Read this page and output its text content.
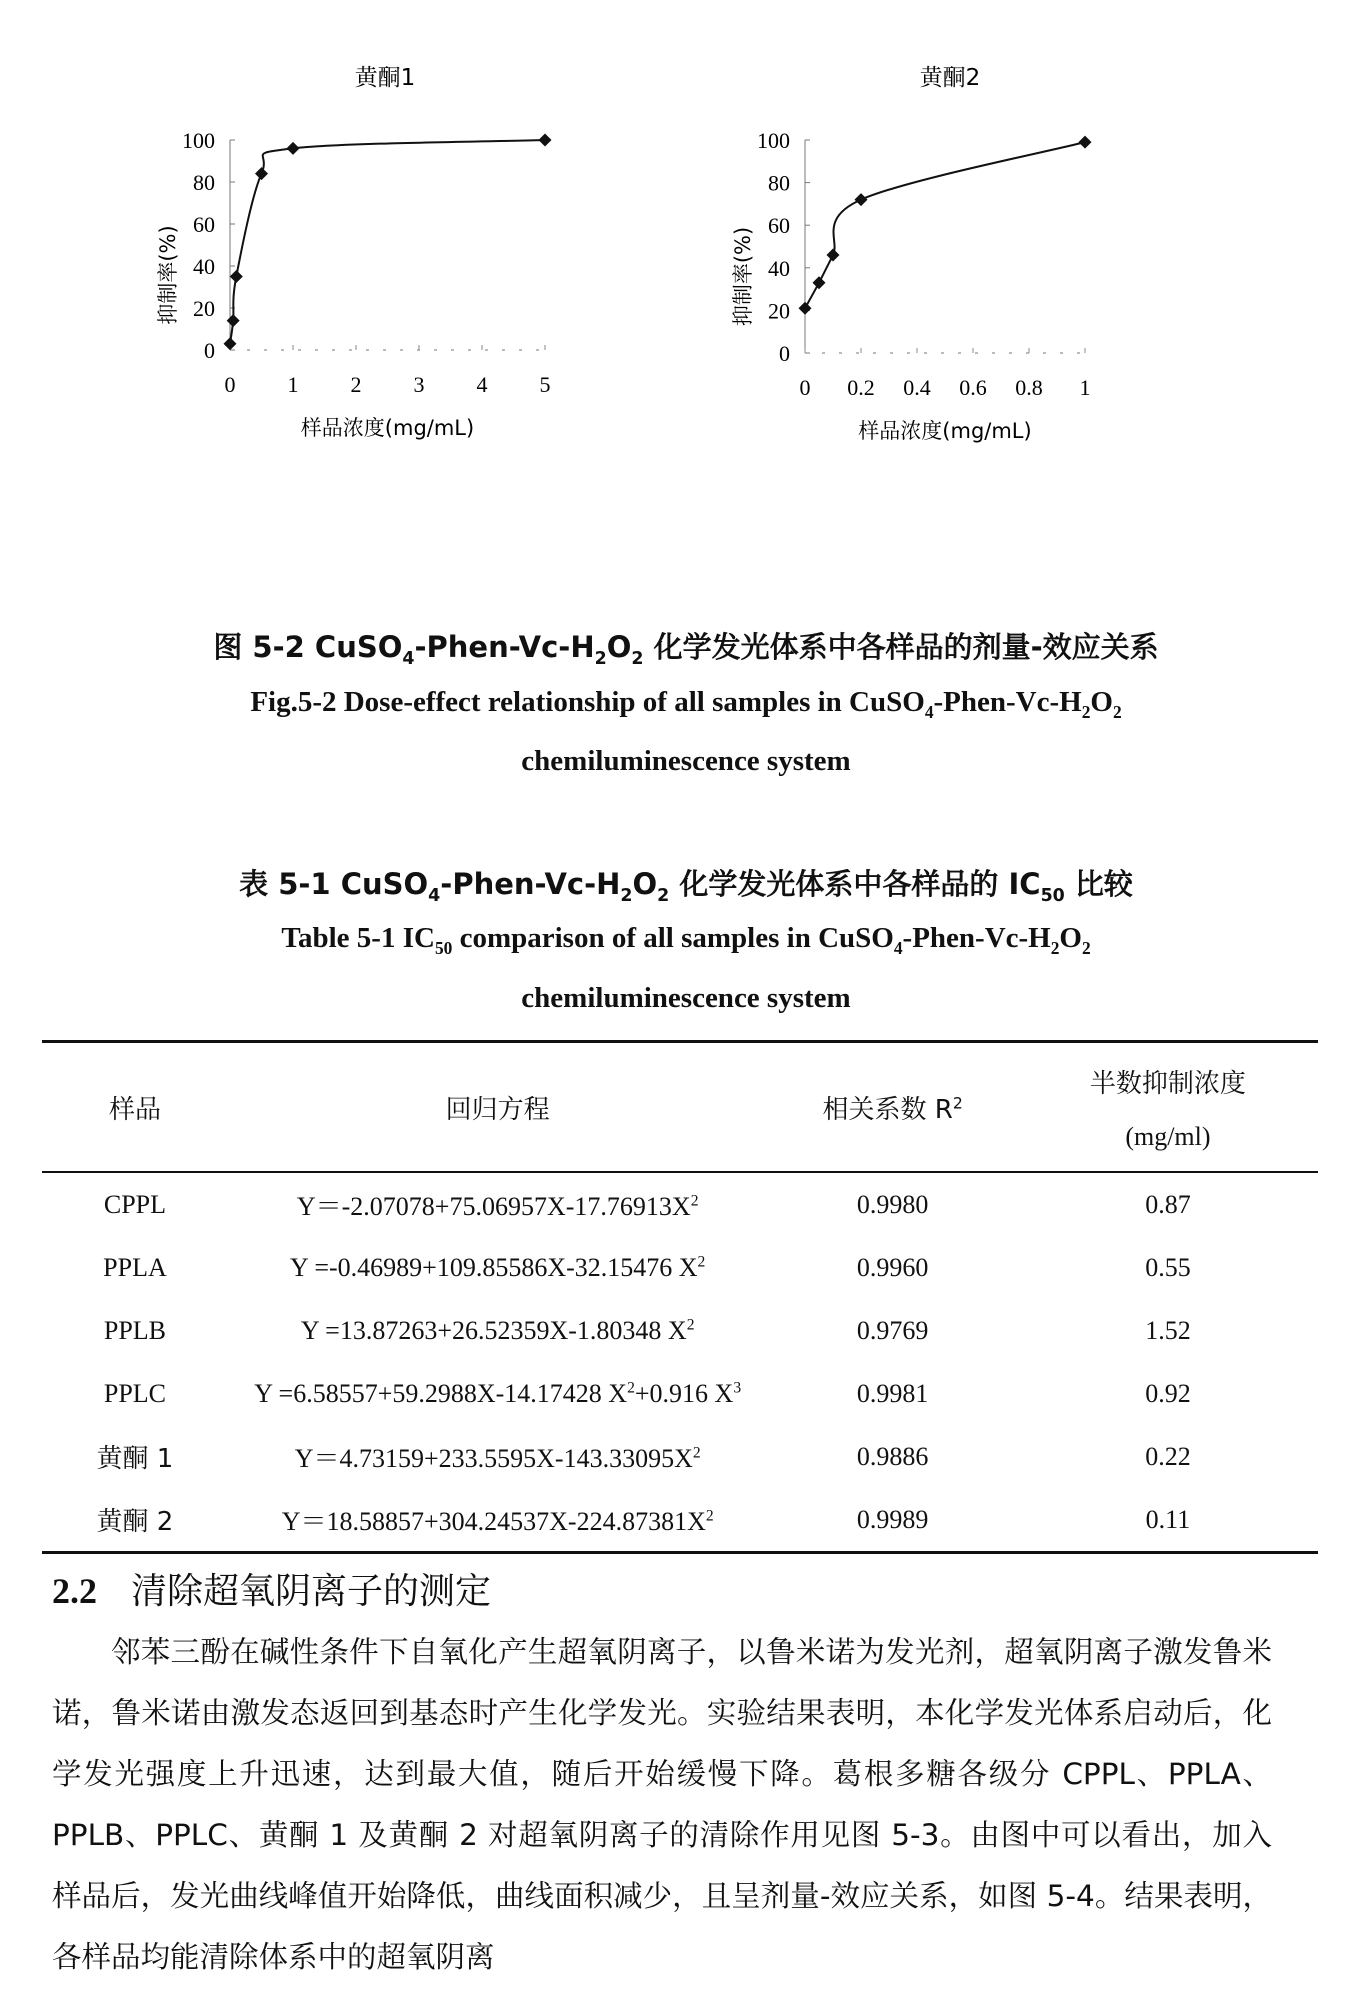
黄酮1
0
20
40
60
80
100
0 1 2 3 4 5
样品浓度(mg/mL)
抑制率(%)
黄酮2
0
20
40
60
80
100
0 0.2 0.4 0.6 0.8 1
样品浓度(mg/mL)
抑制率(%)
图 5-2 $CuSO_4-Phen-Vc-H_2O_2$ 化学发光体系中各样品的剂量-效应关系
Fig.5-2 Dose-effect relationship of all samples in $CuSO_4-Phen-Vc-H_2O_2$
chemiluminescence system
表 5-1 $CuSO_4-Phen-Vc-H_2O_2$ 化学发光体系中各样品的 $IC_{50}$ 比较
Table 5-1 $IC_{50}$ comparison of all samples in $CuSO_4-Phen-Vc-H_2O_2$
chemiluminescence system
样品	回归方程	相关系数 $R^2$	半数抑制浓度
(mg/ml)

CPPL	$Y=-2.07078+75.06957X-17.76913X^2$	0.9980	0.87
PPLA	Y =-0.46989+109.85586X-32.15476 $X^2$	0.9960	0.55
PPLB	Y =13.87263+26.52359X-1.80348 $X^2$	0.9769	1.52
PPLC	Y =6.58557+59.2988X-14.17428 $X^2+0.916$ $X^3$	0.9981	0.92
黄酮 1	$Y=4.73159+233.5595X-143.33095X^2$	0.9886	0.22
黄酮 2	$Y=18.58857+304.24537X-224.87381X^2$	0.9989	0.11
2.2 清除超氧阴离子的测定

邻苯三酚在碱性条件下自氧化产生超氧阴离子，以鲁米诺为发光剂，超氧阴离子激发鲁米诺，鲁米诺由激发态返回到基态时产生化学发光。实验结果表明，本化学发光体系启动后，化学发光强度上升迅速，达到最大值，随后开始缓慢下降。葛根多糖各级分 CPPL、PPLA、PPLB、PPLC、黄酮 1 及黄酮 2 对超氧阴离子的清除作用见图 5-3。由图中可以看出，加入样品后，发光曲线峰值开始降低，曲线面积减少，且呈剂量-效应关系，如图 5-4。结果表明，各样品均能清除体系中的超氧阴离
